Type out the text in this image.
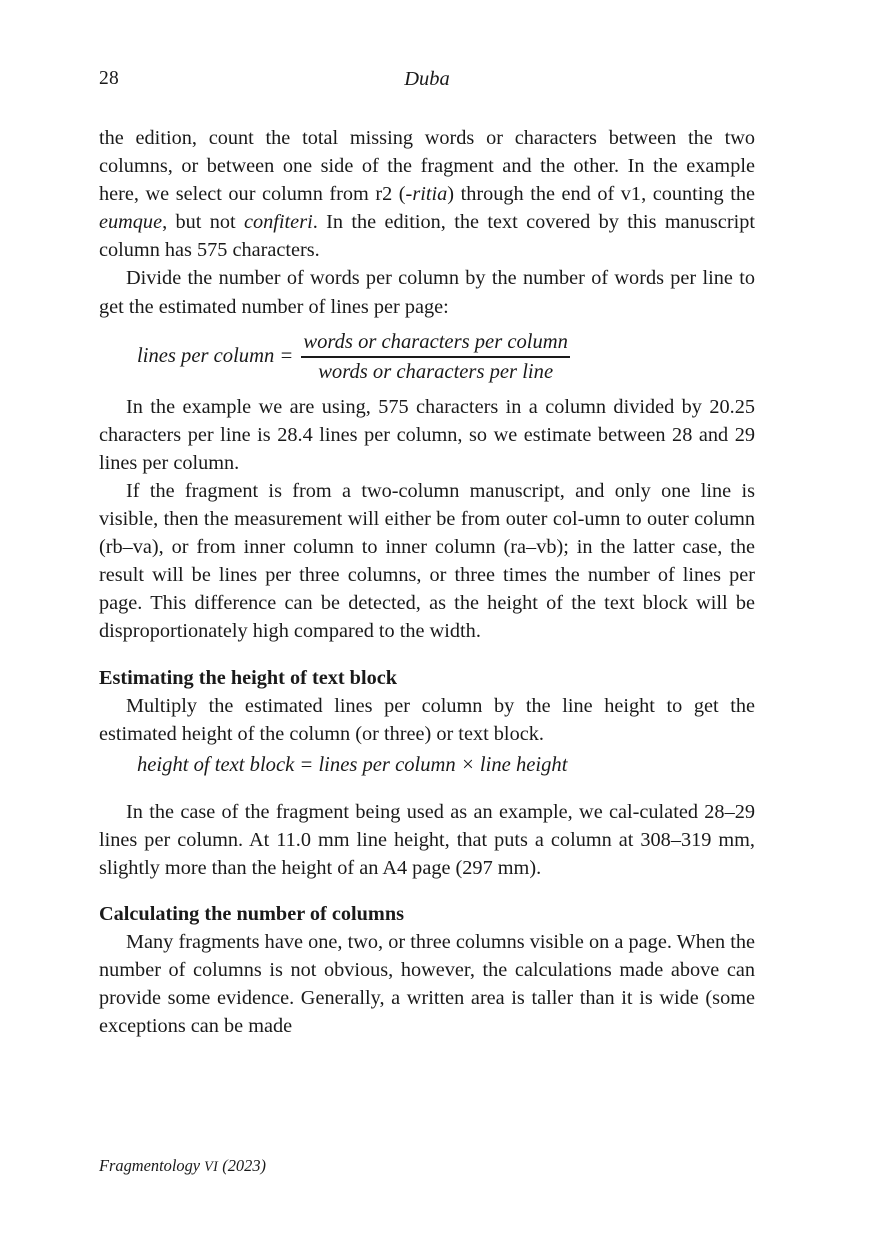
28	Duba

the edition, count the total missing words or characters between the two columns, or between one side of the fragment and the other. In the example here, we select our column from r2 (-ritia) through the end of v1, counting the eumque, but not confiteri. In the edition, the text covered by this manuscript column has 575 characters.

Divide the number of words per column by the number of words per line to get the estimated number of lines per page:

lines per column = $\frac{\text{words or characters per column}}{\text{words or characters per line}}$

In the example we are using, 575 characters in a column divided by 20.25 characters per line is 28.4 lines per column, so we estimate between 28 and 29 lines per column.

If the fragment is from a two-column manuscript, and only one line is visible, then the measurement will either be from outer col-umn to outer column (rb–va), or from inner column to inner column (ra–vb); in the latter case, the result will be lines per three columns, or three times the number of lines per page. This difference can be detected, as the height of the text block will be disproportionately high compared to the width.

Estimating the height of text block

Multiply the estimated lines per column by the line height to get the estimated height of the column (or three) or text block.

height of text block = lines per column × line height

In the case of the fragment being used as an example, we cal-culated 28–29 lines per column. At 11.0 mm line height, that puts a column at 308–319 mm, slightly more than the height of an A4 page (297 mm).

Calculating the number of columns

Many fragments have one, two, or three columns visible on a page. When the number of columns is not obvious, however, the calculations made above can provide some evidence. Generally, a written area is taller than it is wide (some exceptions can be made

Fragmentology VI (2023)
